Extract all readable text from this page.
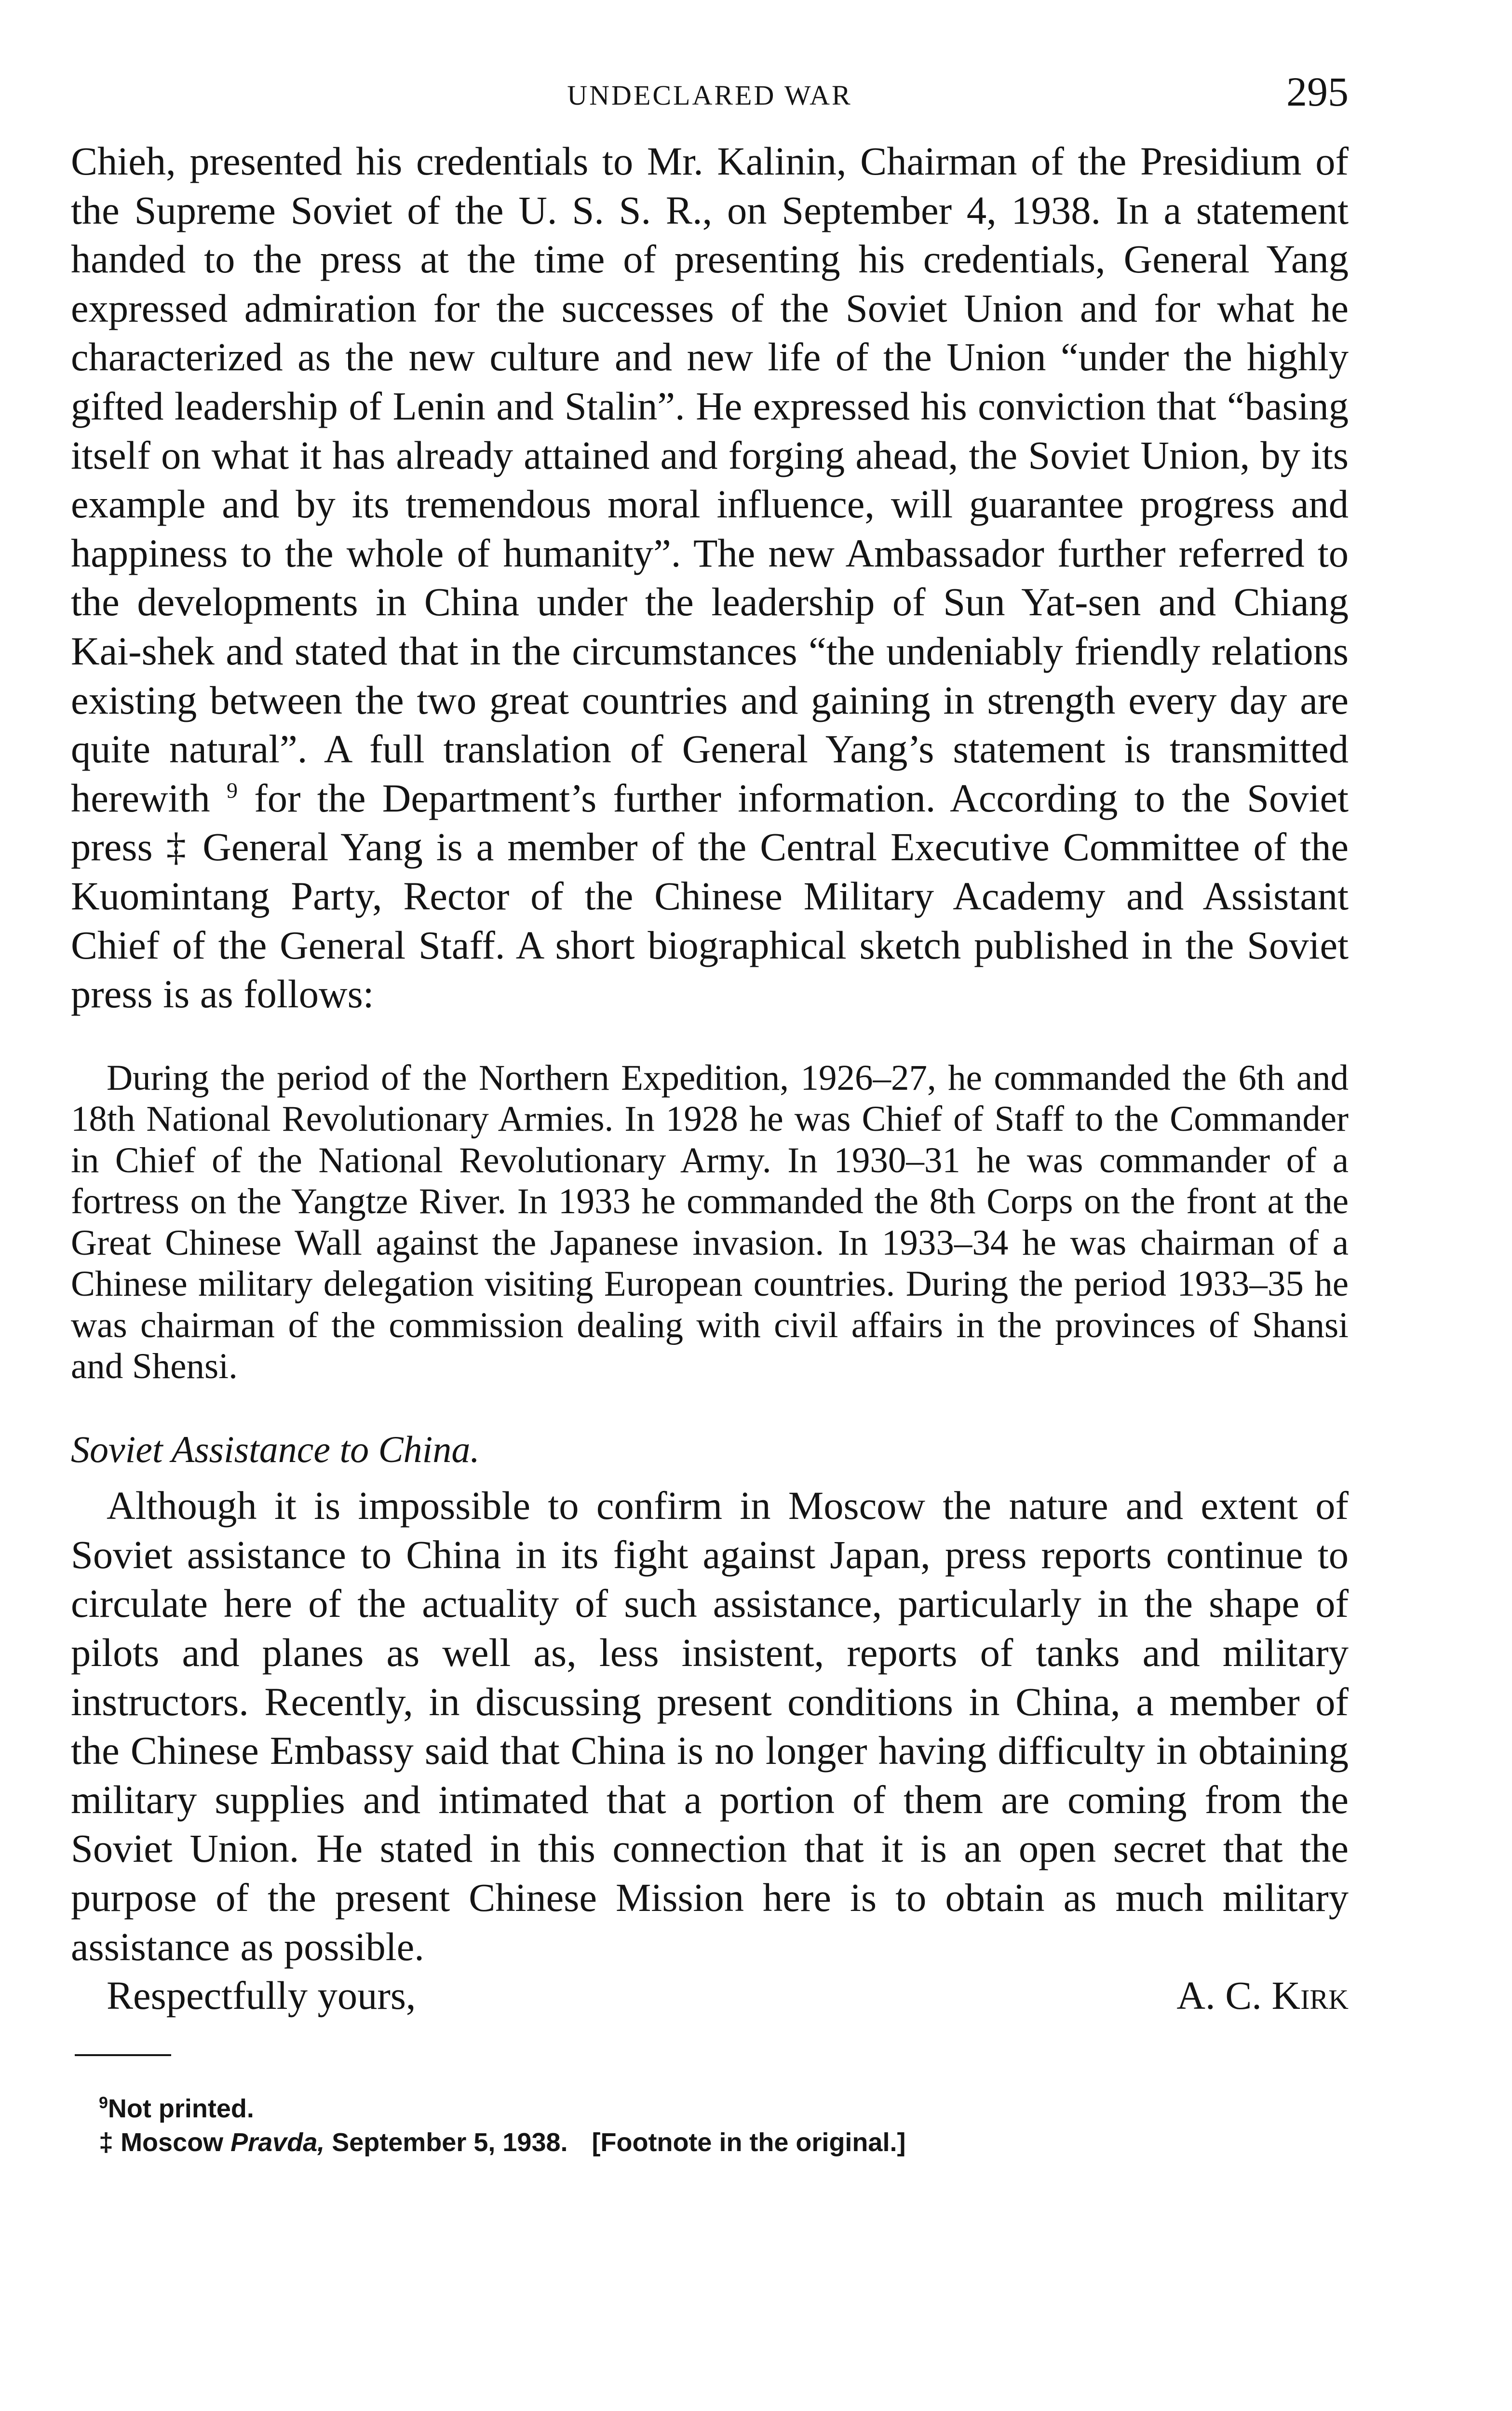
UNDECLARED WAR	295

Chieh, presented his credentials to Mr. Kalinin, Chairman of the Presidium of the Supreme Soviet of the U. S. S. R., on September 4, 1938. In a statement handed to the press at the time of presenting his credentials, General Yang expressed admiration for the successes of the Soviet Union and for what he characterized as the new culture and new life of the Union “under the highly gifted leadership of Lenin and Stalin”. He expressed his conviction that “basing itself on what it has already attained and forging ahead, the Soviet Union, by its example and by its tremendous moral influence, will guarantee progress and happiness to the whole of humanity”. The new Ambassador further referred to the developments in China under the leadership of Sun Yat-sen and Chiang Kai-shek and stated that in the circumstances “the undeniably friendly relations existing between the two great countries and gaining in strength every day are quite natural”. A full translation of General Yang’s statement is transmitted herewith $^9$ for the Department’s further information. According to the Soviet press ‡ General Yang is a member of the Central Executive Committee of the Kuomintang Party, Rector of the Chinese Military Academy and Assistant Chief of the General Staff. A short biographical sketch published in the Soviet press is as follows:

During the period of the Northern Expedition, 1926–27, he commanded the 6th and 18th National Revolutionary Armies. In 1928 he was Chief of Staff to the Commander in Chief of the National Revolutionary Army. In 1930–31 he was commander of a fortress on the Yangtze River. In 1933 he commanded the 8th Corps on the front at the Great Chinese Wall against the Japanese invasion. In 1933–34 he was chairman of a Chinese military delegation visiting European countries. During the period 1933–35 he was chairman of the commission dealing with civil affairs in the provinces of Shansi and Shensi.

Soviet Assistance to China.

Although it is impossible to confirm in Moscow the nature and extent of Soviet assistance to China in its fight against Japan, press reports continue to circulate here of the actuality of such assistance, particularly in the shape of pilots and planes as well as, less insistent, reports of tanks and military instructors. Recently, in discussing present conditions in China, a member of the Chinese Embassy said that China is no longer having difficulty in obtaining military supplies and intimated that a portion of them are coming from the Soviet Union. He stated in this connection that it is an open secret that the purpose of the present Chinese Mission here is to obtain as much military assistance as possible.

Respectfully yours,	A. C. Kirk
$^9$Not printed.
‡ Moscow Pravda, September 5, 1938. [Footnote in the original.]
